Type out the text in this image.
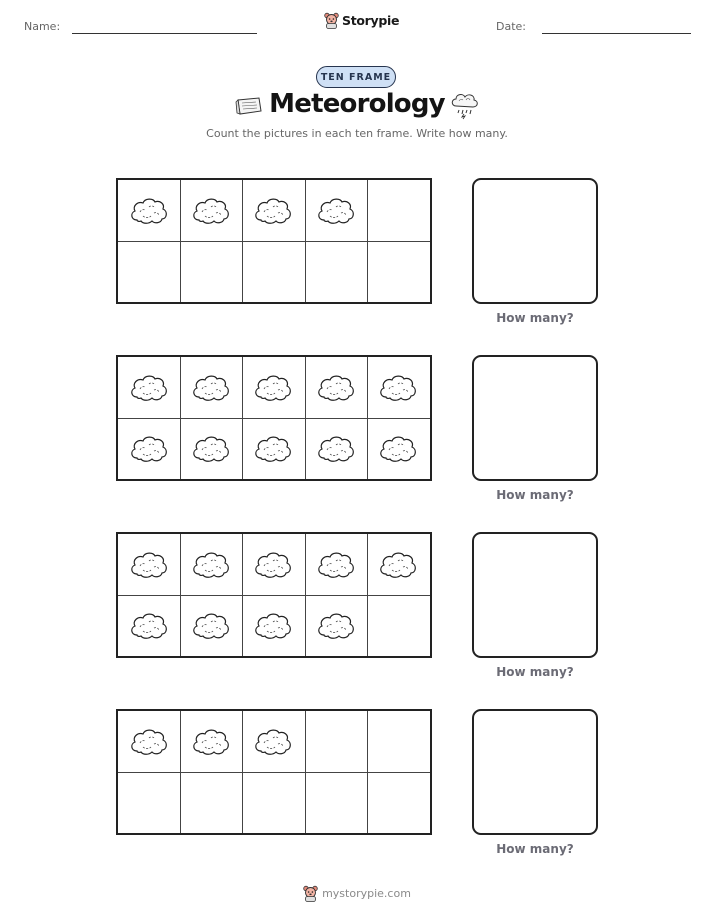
Name:	Storypie	Date:
TEN FRAME
Meteorology
Count the pictures in each ten frame. Write how many.
How many?
How many?
How many?
How many?
mystorypie.com
